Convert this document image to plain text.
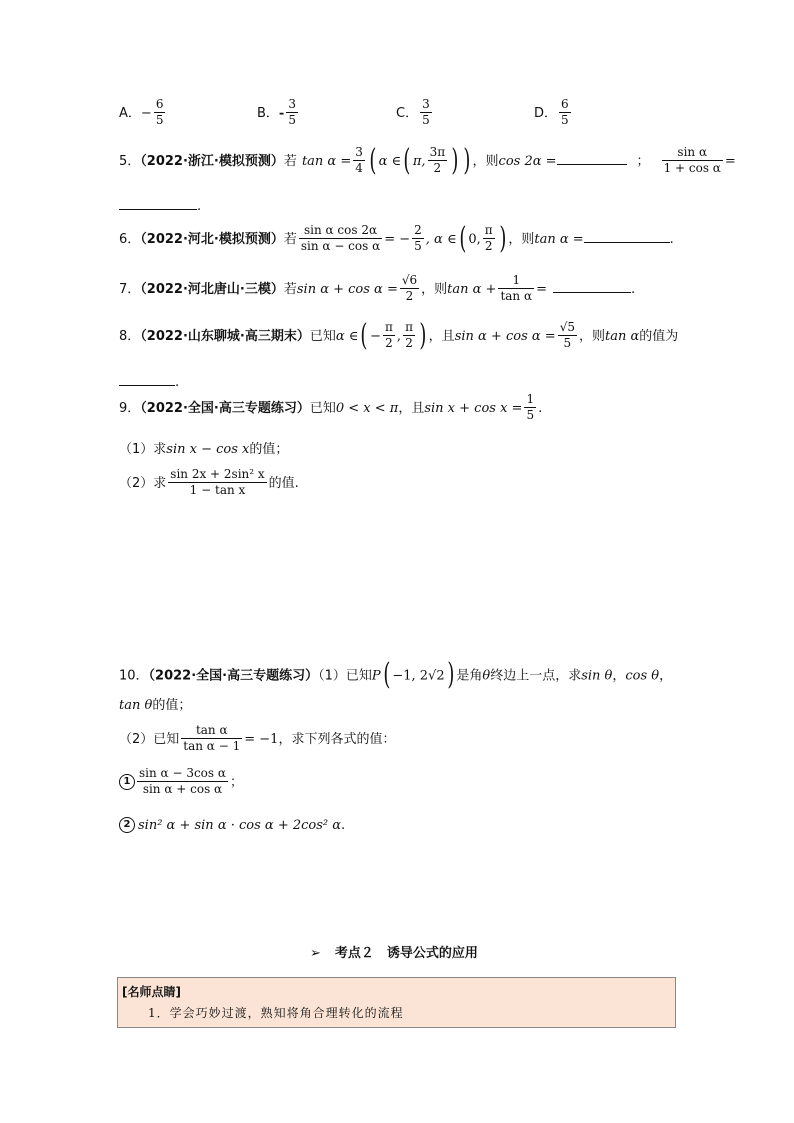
A．− $\frac{6}{5}$	B．- $\frac{3}{5}$	C． $\frac{3}{5}$	D． $\frac{6}{5}$
5．（2022·浙江·模拟预测）若 $\tan \alpha = \frac{3}{4}$ ( α ∈( π, $\frac{3\pi}{2}$ ) ) ，则cos 2α =	； $\frac{\text{sin α}}{\text{1 + cos α}}$ =
.
6．（2022·河北·模拟预测）若 $\frac{\text{sin α cos 2α}}{\text{sin α − cos α}}$ = − $\frac{2}{5}$ , α ∈( 0, $\frac{\pi}{2}$ ) ，则tan α =	.
7．（2022·河北唐山·三模）若$\sin \alpha + \cos \alpha = \frac{√6}{2}$ ，则$\tan \alpha + \frac{1}{\text{tan α}}$ =	.
8．（2022·山东聊城·高三期末）已知α ∈( − $\frac{\pi}{2}$ , $\frac{\pi}{2}$ ) ，且$\sin \alpha + \cos \alpha = \frac{√5}{5}$ ，则tan α的值为
.
9．（2022·全国·高三专题练习）已知0 < x < π，且$\sin x + \cos x = \frac{1}{5}$ .
（1）求sin x − cos x的值；
（2）求 $\frac{\text{sin 2x + 2sin² x}}{\text{1 − tan x}}$ 的值.
10．（2022·全国·高三专题练习）（1）已知P( −1, 2√2) 是角θ终边上一点，求sin θ，cos θ，
tan θ的值；
（2）已知 $\frac{\text{tan α}}{\text{tan α − 1}} = -1$，求下列各式的值：
$1 \frac{\text{sin α − 3cos α}}{\text{sin α + cos α}}$ ；
2 sin² α + sin α · cos α + 2cos² α.
➢ 考点２　诱导公式的应用
[名师点睛]
1．学会巧妙过渡，熟知将角合理转化的流程
